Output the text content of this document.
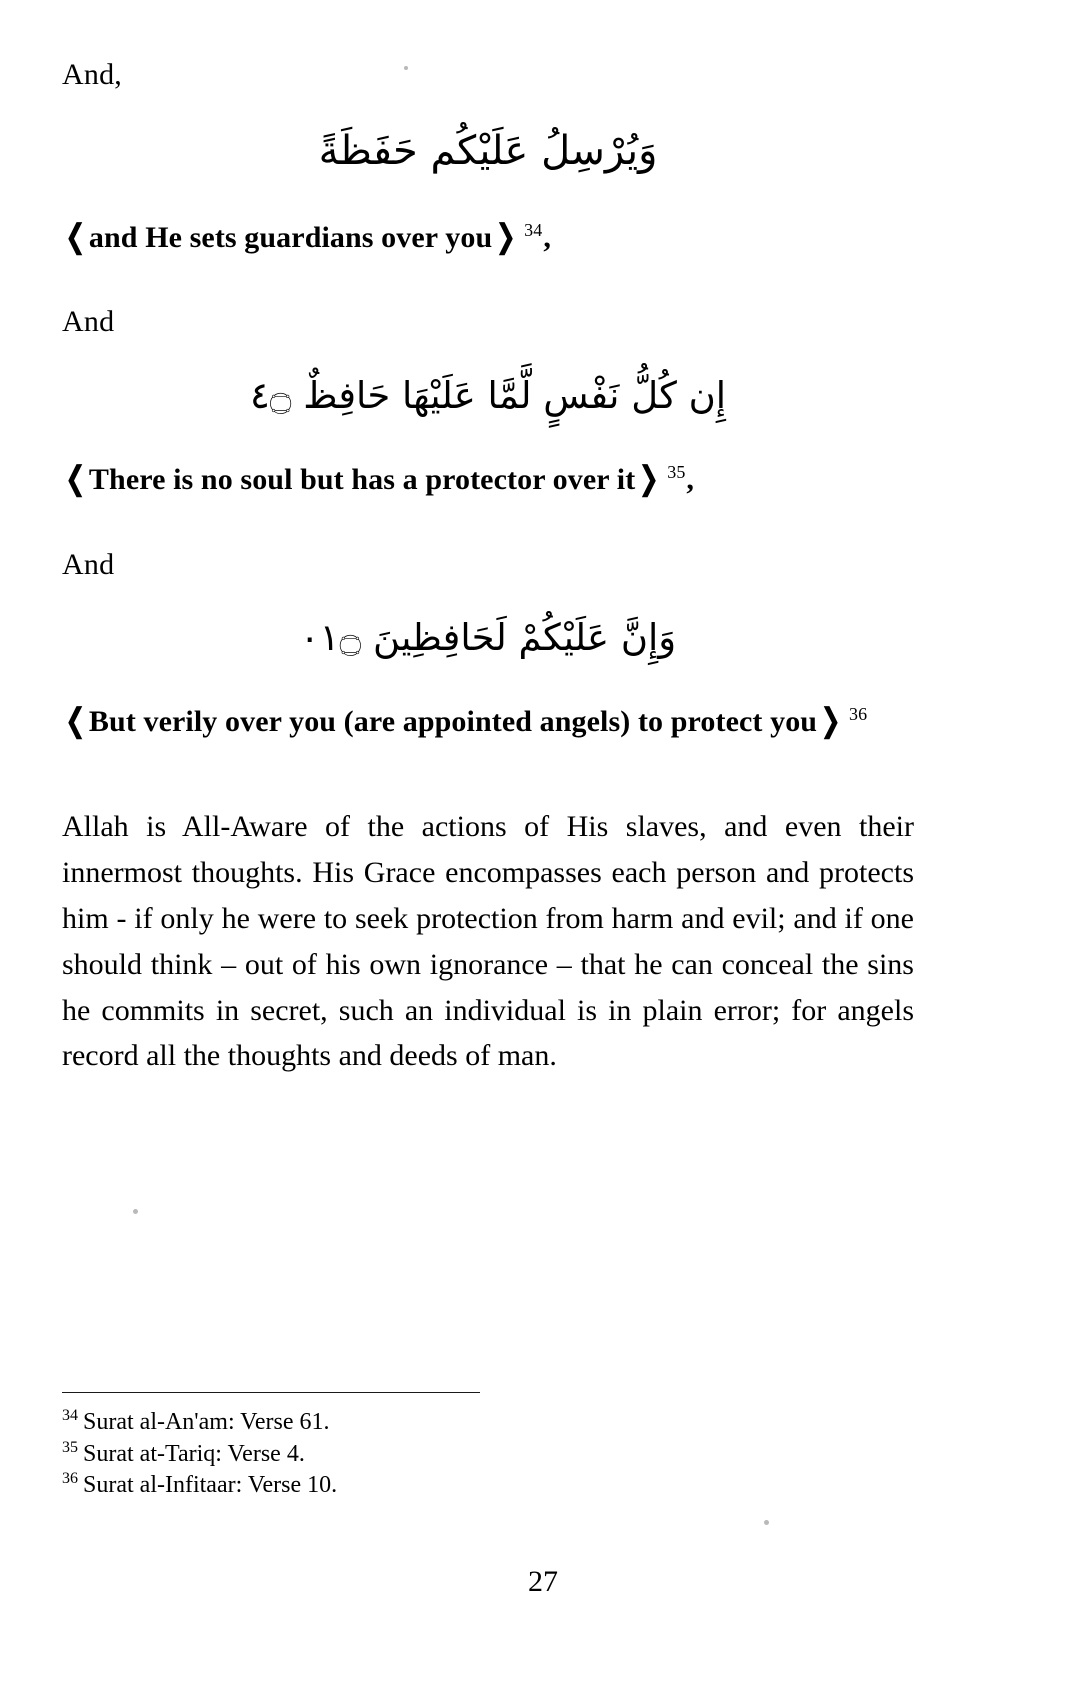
And,

وَيُرْسِلُ عَلَيْكُم حَفَظَةً

❬and He sets guardians over you❭ $^{34}$,

And

إِن كُلُّ نَفْسٍ لَّمَّا عَلَيْهَا حَافِظٌ ۝٤

❬There is no soul but has a protector over it❭ $^{35}$,

And

وَإِنَّ عَلَيْكُمْ لَحَافِظِينَ ۝١٠

❬But verily over you (are appointed angels) to protect you❭ $^{36}$

Allah is All-Aware of the actions of His slaves, and even their innermost thoughts. His Grace encompasses each person and protects him - if only he were to seek protection from harm and evil; and if one should think – out of his own ignorance – that he can conceal the sins he commits in secret, such an individual is in plain error; for angels record all the thoughts and deeds of man.

$^{34}$ Surat al-An'am: Verse 61.

$^{35}$ Surat at-Tariq: Verse 4.

$^{36}$ Surat al-Infitaar: Verse 10.

27
